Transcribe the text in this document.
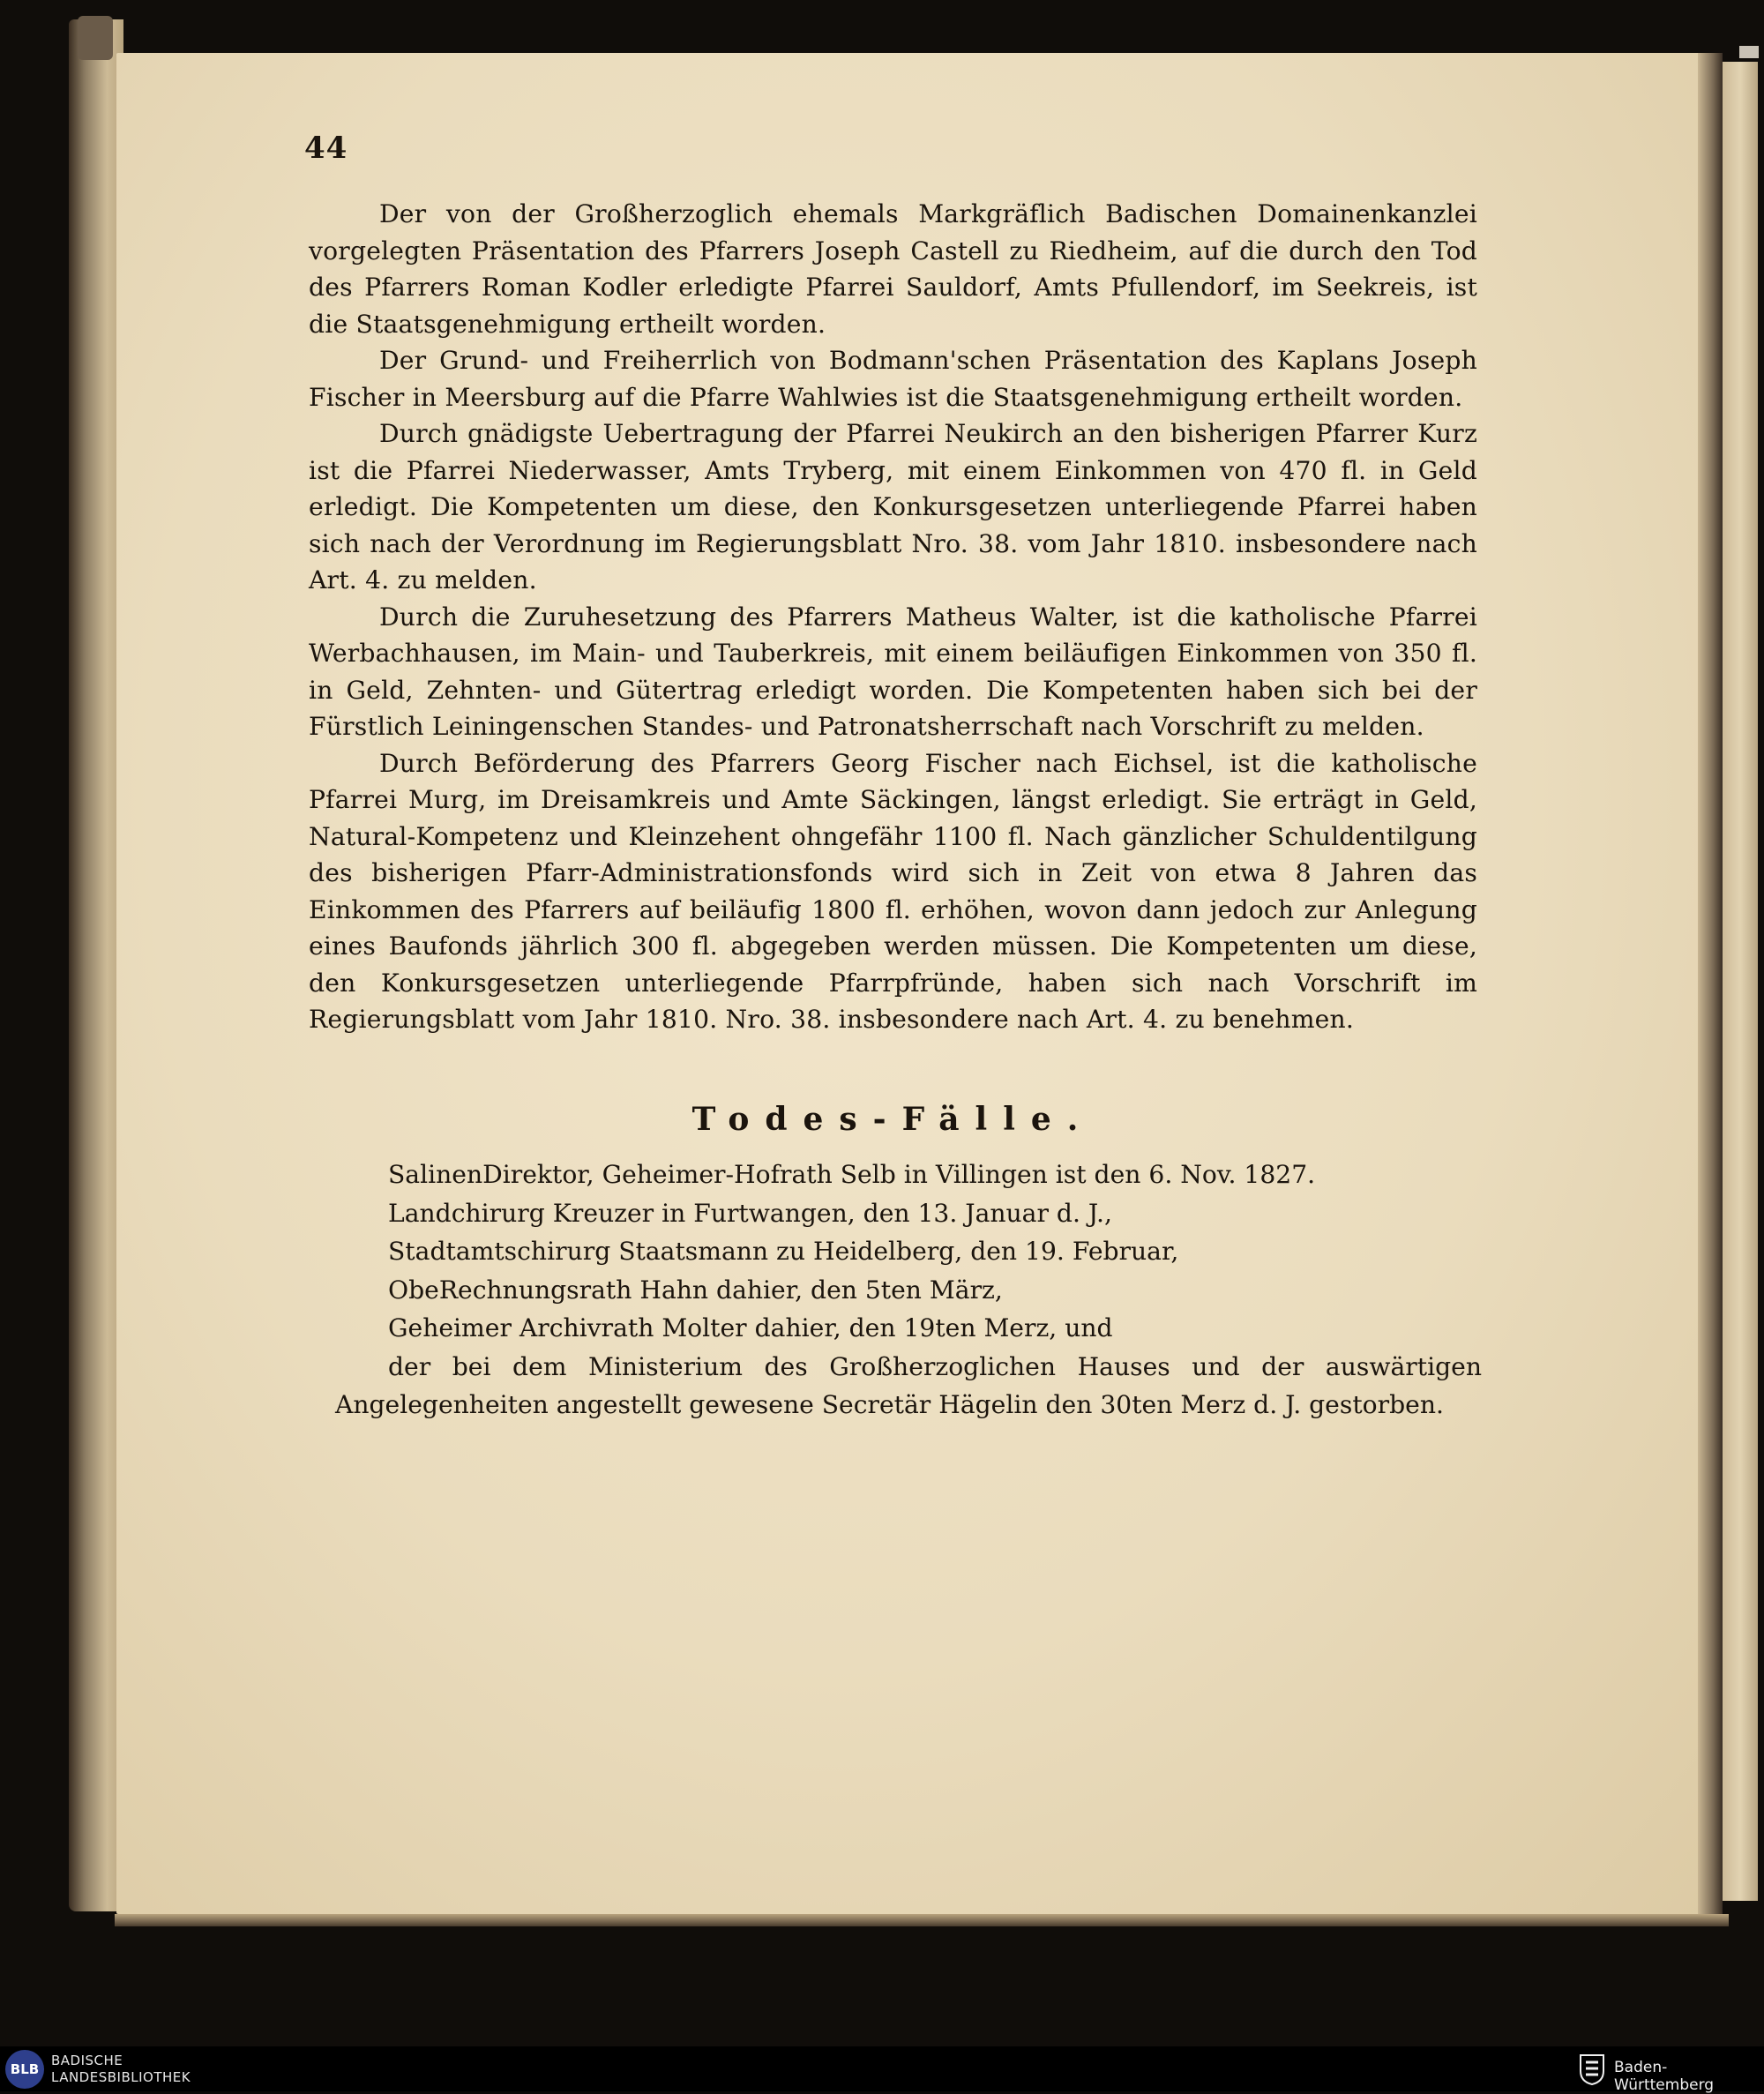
44

Der von der Großherzoglich ehemals Markgräflich Badischen Domainenkanzlei vorgelegten Präsentation des Pfarrers Joseph Castell zu Riedheim, auf die durch den Tod des Pfarrers Roman Kodler erledigte Pfarrei Sauldorf, Amts Pfullendorf, im Seekreis, ist die Staatsgenehmigung ertheilt worden.

Der Grund- und Freiherrlich von Bodmann'schen Präsentation des Kaplans Joseph Fischer in Meersburg auf die Pfarre Wahlwies ist die Staatsgenehmigung ertheilt worden.

Durch gnädigste Uebertragung der Pfarrei Neukirch an den bisherigen Pfarrer Kurz ist die Pfarrei Niederwasser, Amts Tryberg, mit einem Einkommen von 470 fl. in Geld erledigt. Die Kompetenten um diese, den Konkursgesetzen unterliegende Pfarrei haben sich nach der Verordnung im Regierungsblatt Nro. 38. vom Jahr 1810. insbesondere nach Art. 4. zu melden.

Durch die Zuruhesetzung des Pfarrers Matheus Walter, ist die katholische Pfarrei Werbachhausen, im Main- und Tauberkreis, mit einem beiläufigen Einkommen von 350 fl. in Geld, Zehnten- und Gütertrag erledigt worden. Die Kompetenten haben sich bei der Fürstlich Leiningenschen Standes- und Patronatsherrschaft nach Vorschrift zu melden.

Durch Beförderung des Pfarrers Georg Fischer nach Eichsel, ist die katholische Pfarrei Murg, im Dreisamkreis und Amte Säckingen, längst erledigt. Sie erträgt in Geld, Natural-Kompetenz und Kleinzehent ohngefähr 1100 fl. Nach gänzlicher Schuldentilgung des bisherigen Pfarr-Administrationsfonds wird sich in Zeit von etwa 8 Jahren das Einkommen des Pfarrers auf beiläufig 1800 fl. erhöhen, wovon dann jedoch zur Anlegung eines Baufonds jährlich 300 fl. abgegeben werden müssen. Die Kompetenten um diese, den Konkursgesetzen unterliegende Pfarrpfründe, haben sich nach Vorschrift im Regierungsblatt vom Jahr 1810. Nro. 38. insbesondere nach Art. 4. zu benehmen.

Todes-Fälle.
SalinenDirektor, Geheimer-Hofrath Selb in Villingen ist den 6. Nov. 1827.
Landchirurg Kreuzer in Furtwangen, den 13. Januar d. J.,
Stadtamtschirurg Staatsmann zu Heidelberg, den 19. Februar,
ObeRechnungsrath Hahn dahier, den 5ten März,
Geheimer Archivrath Molter dahier, den 19ten Merz, und
der bei dem Ministerium des Großherzoglichen Hauses und der auswärtigen Angelegenheiten angestellt gewesene Secretär Hägelin den 30ten Merz d. J. gestorben.
BLB
BADISCHE
LANDESBIBLIOTHEK
Baden-Württemberg
